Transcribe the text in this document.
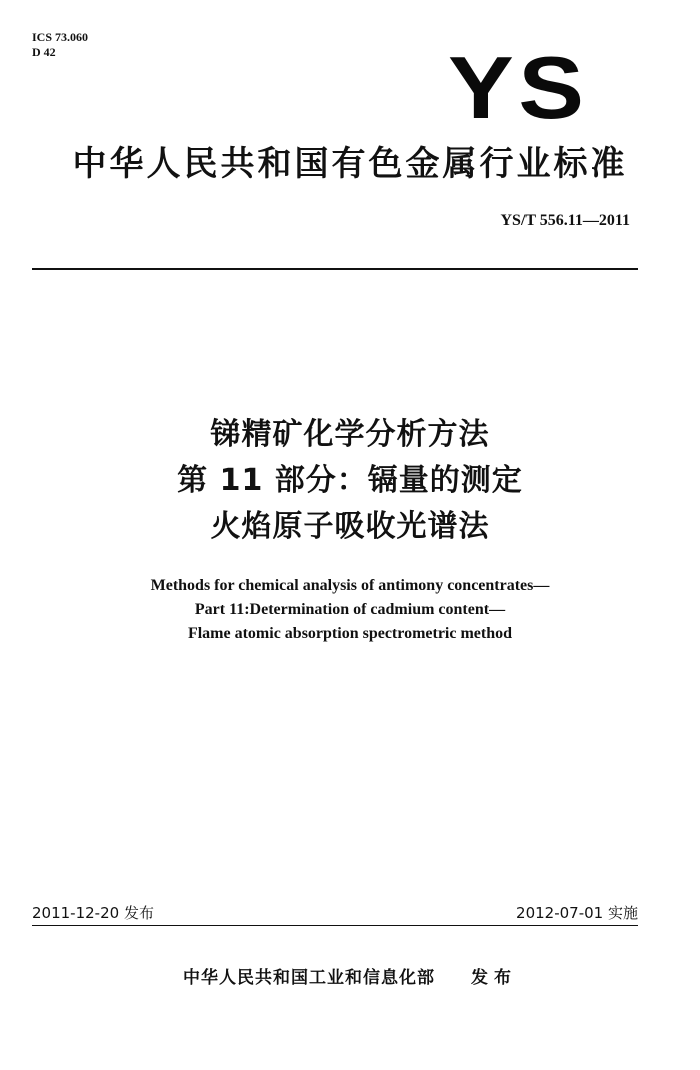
ICS 73.060
D 42	YS
中华人民共和国有色金属行业标准
YS/T 556.11—2011
锑精矿化学分析方法
第 11 部分：镉量的测定
火焰原子吸收光谱法
Methods for chemical analysis of antimony concentrates—
Part 11:Determination of cadmium content—
Flame atomic absorption spectrometric method
2011-12-20 发布	2012-07-01 实施
中华人民共和国工业和信息化部 发布
